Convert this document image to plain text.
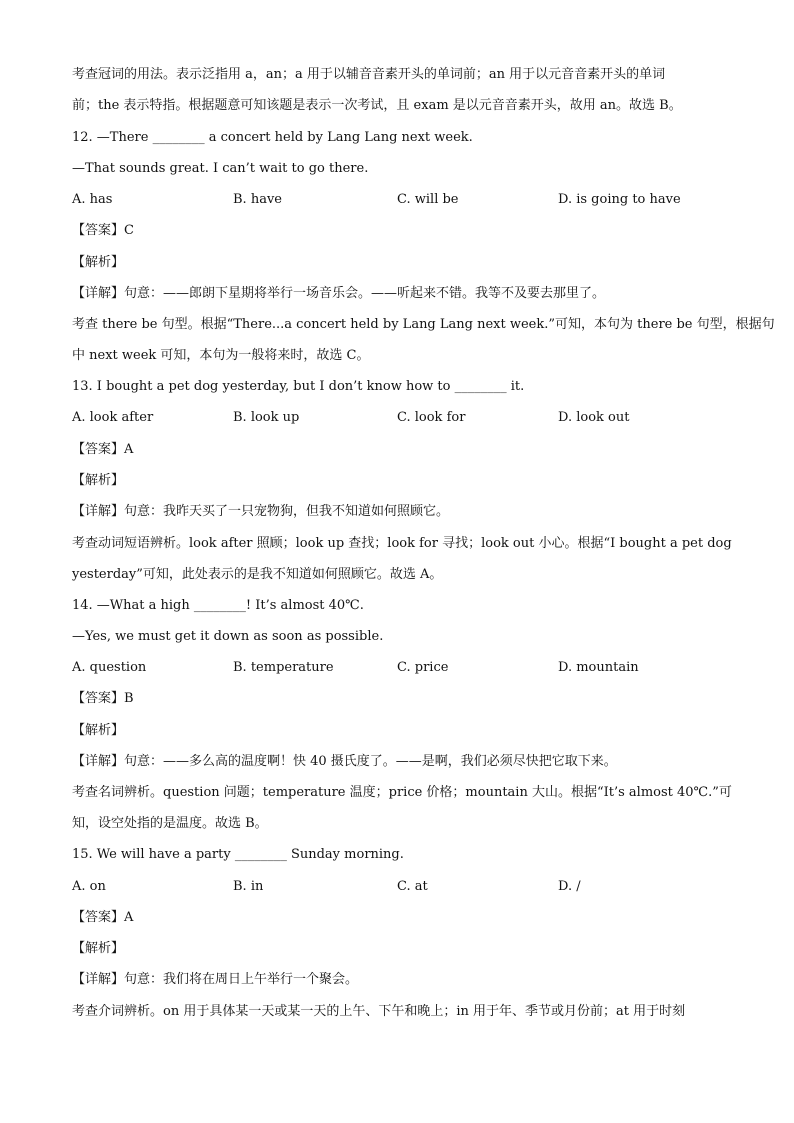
考查冠词的用法。表示泛指用 a，an；a 用于以辅音音素开头的单词前；an 用于以元音音素开头的单词
前；the 表示特指。根据题意可知该题是表示一次考试，且 exam 是以元音音素开头，故用 an。故选 B。
12. —There ________ a concert held by Lang Lang next week.
—That sounds great. I can’t wait to go there.
A. has	B. have	C. will be	D. is going to have
【答案】C
【解析】
【详解】句意：——郎朗下星期将举行一场音乐会。——听起来不错。我等不及要去那里了。
考查 there be 句型。根据“There...a concert held by Lang Lang next week.”可知，本句为 there be 句型，根据句
中 next week 可知，本句为一般将来时，故选 C。
13. I bought a pet dog yesterday, but I don’t know how to ________ it.
A. look after	B. look up	C. look for	D. look out
【答案】A
【解析】
【详解】句意：我昨天买了一只宠物狗，但我不知道如何照顾它。
考查动词短语辨析。look after 照顾；look up 查找；look for 寻找；look out 小心。根据“I bought a pet dog
yesterday”可知，此处表示的是我不知道如何照顾它。故选 A。
14. —What a high ________! It’s almost 40℃.
—Yes, we must get it down as soon as possible.
A. question	B. temperature	C. price	D. mountain
【答案】B
【解析】
【详解】句意：——多么高的温度啊！快 40 摄氏度了。——是啊，我们必须尽快把它取下来。
考查名词辨析。question 问题；temperature 温度；price 价格；mountain 大山。根据“It’s almost 40℃.”可
知，设空处指的是温度。故选 B。
15. We will have a party ________ Sunday morning.
A. on	B. in	C. at	D. /
【答案】A
【解析】
【详解】句意：我们将在周日上午举行一个聚会。
考查介词辨析。on 用于具体某一天或某一天的上午、下午和晚上；in 用于年、季节或月份前；at 用于时刻
